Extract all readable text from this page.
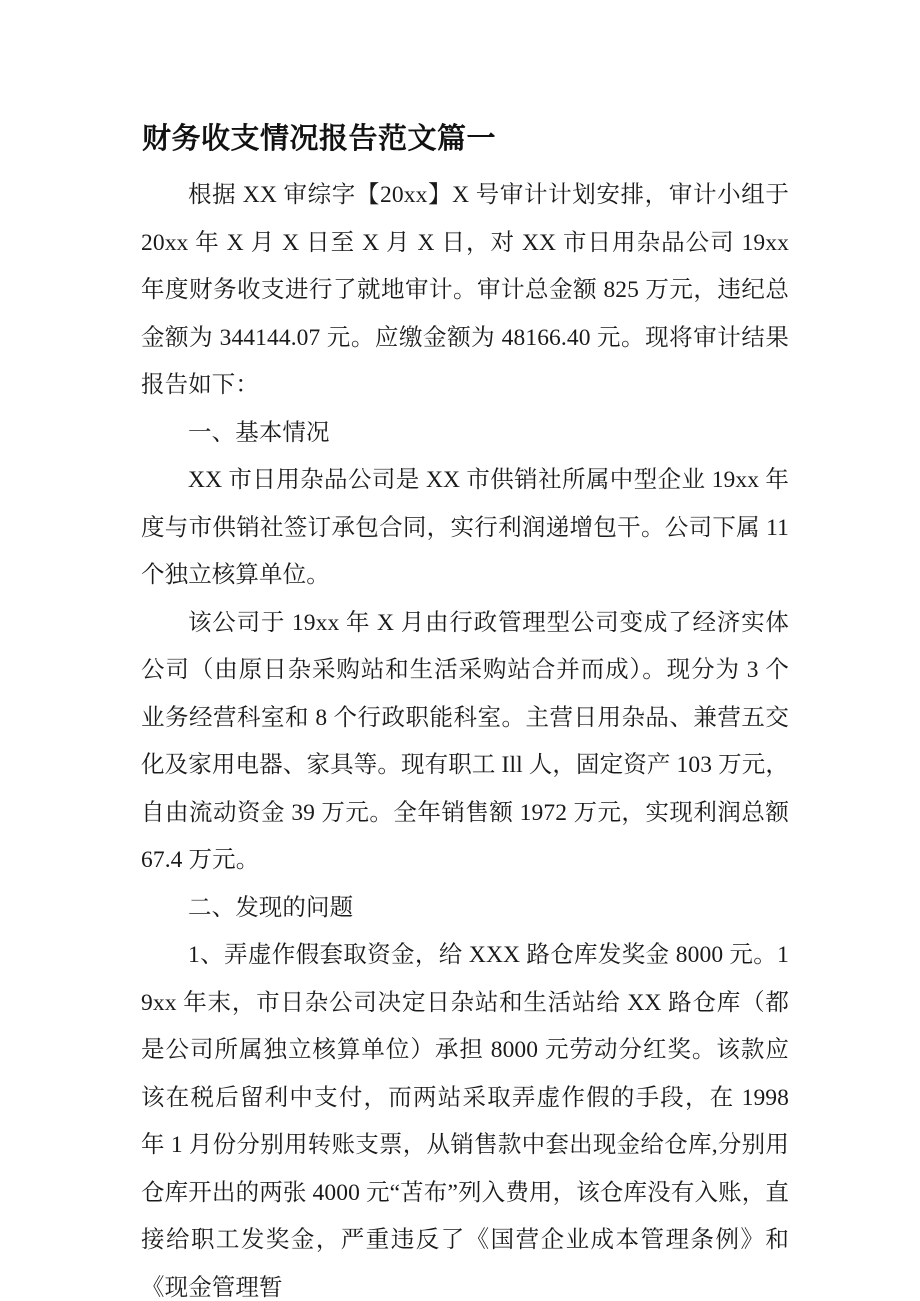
财务收支情况报告范文篇一

根据 XX 审综字【20xx】X 号审计计划安排，审计小组于 20xx 年 X 月 X 日至 X 月 X 日，对 XX 市日用杂品公司 19xx 年度财务收支进行了就地审计。审计总金额 825 万元，违纪总金额为 344144.07 元。应缴金额为 48166.40 元。现将审计结果报告如下：

一、基本情况

XX 市日用杂品公司是 XX 市供销社所属中型企业 19xx 年度与市供销社签订承包合同，实行利润递增包干。公司下属 11 个独立核算单位。

该公司于 19xx 年 X 月由行政管理型公司变成了经济实体公司（由原日杂采购站和生活采购站合并而成）。现分为 3 个业务经营科室和 8 个行政职能科室。主营日用杂品、兼营五交化及家用电器、家具等。现有职工 Ill 人，固定资产 103 万元，自由流动资金 39 万元。全年销售额 1972 万元，实现利润总额 67.4 万元。

二、发现的问题

1、弄虚作假套取资金，给 XXX 路仓库发奖金 8000 元。19xx 年末，市日杂公司决定日杂站和生活站给 XX 路仓库（都是公司所属独立核算单位）承担 8000 元劳动分红奖。该款应该在税后留利中支付，而两站采取弄虚作假的手段，在 1998 年 1 月份分别用转账支票，从销售款中套出现金给仓库,分别用仓库开出的两张 4000 元“苫布”列入费用，该仓库没有入账，直接给职工发奖金，严重违反了《国营企业成本管理条例》和《现金管理暂
